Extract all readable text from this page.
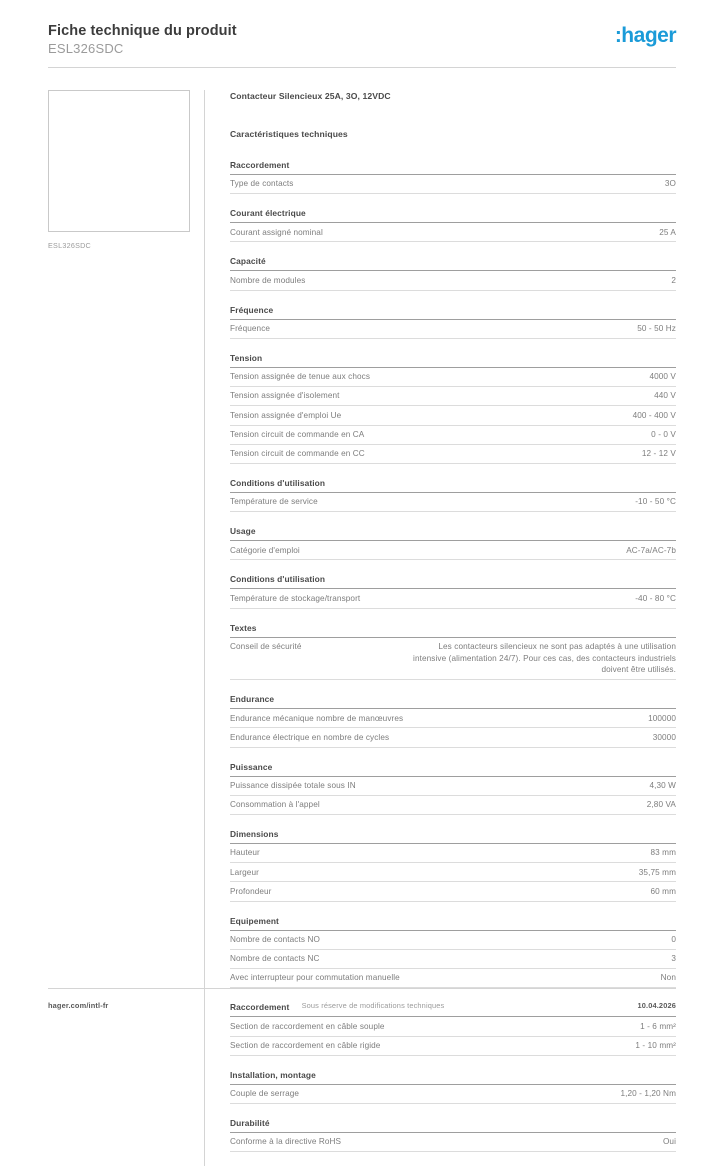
Fiche technique du produit
ESL326SDC
:hager
ESL326SDC
Contacteur Silencieux 25A, 3O, 12VDC
Caractéristiques techniques
Raccordement
Type de contacts	3O
Courant électrique
Courant assigné nominal	25 A
Capacité
Nombre de modules	2
Fréquence
Fréquence	50 - 50 Hz
Tension
Tension assignée de tenue aux chocs	4000 V
Tension assignée d'isolement	440 V
Tension assignée d'emploi Ue	400 - 400 V
Tension circuit de commande en CA	0 - 0 V
Tension circuit de commande en CC	12 - 12 V
Conditions d'utilisation
Température de service	-10 - 50 °C
Usage
Catégorie d'emploi	AC-7a/AC-7b
Conditions d'utilisation
Température de stockage/transport	-40 - 80 °C
Textes
Conseil de sécurité	Les contacteurs silencieux ne sont pas adaptés à une utilisation intensive (alimentation 24/7). Pour ces cas, des contacteurs industriels doivent être utilisés.
Endurance
Endurance mécanique nombre de manœuvres	100000
Endurance électrique en nombre de cycles	30000
Puissance
Puissance dissipée totale sous IN	4,30 W
Consommation à l'appel	2,80 VA
Dimensions
Hauteur	83 mm
Largeur	35,75 mm
Profondeur	60 mm
Equipement
Nombre de contacts NO	0
Nombre de contacts NC	3
Avec interrupteur pour commutation manuelle	Non
Raccordement
Section de raccordement en câble souple	1 - 6 mm²
Section de raccordement en câble rigide	1 - 10 mm²
Installation, montage
Couple de serrage	1,20 - 1,20 Nm
Durabilité
Conforme à la directive RoHS	Oui
hager.com/intl-fr	Sous réserve de modifications techniques	10.04.2026
